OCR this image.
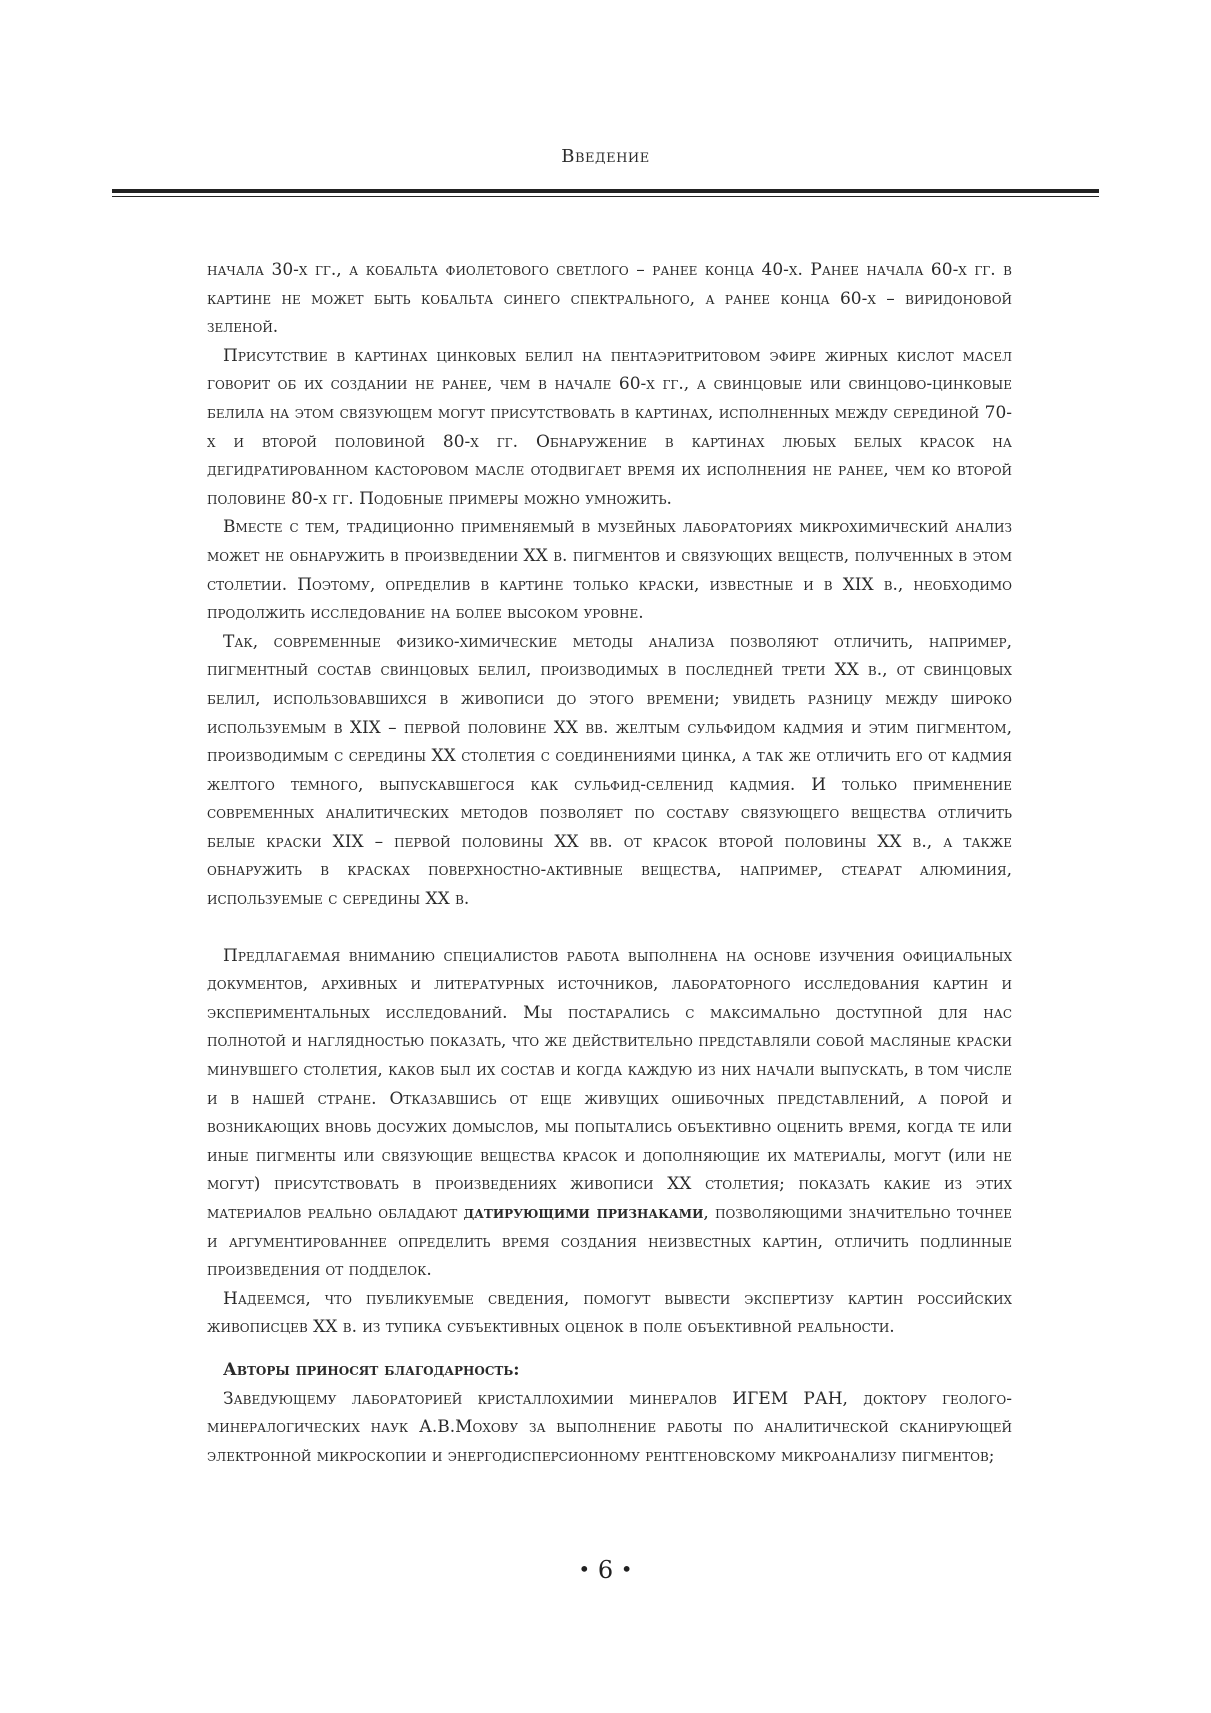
Введение

начала 30-х гг., а кобальта фиолетового светлого – ранее конца 40-х. Ранее начала 60-х гг. в картине не может быть кобальта синего спектрального, а ранее конца 60-х – виридоновой зеленой.

Присутствие в картинах цинковых белил на пентаэритритовом эфире жирных кислот масел говорит об их создании не ранее, чем в начале 60-х гг., а свинцовые или свинцово-цинковые белила на этом связующем могут присутствовать в картинах, исполненных между серединой 70-х и второй половиной 80-х гг. Обнаружение в картинах любых белых красок на дегидратированном касторовом масле отодвигает время их исполнения не ранее, чем ко второй половине 80-х гг. Подобные примеры можно умножить.

Вместе с тем, традиционно применяемый в музейных лабораториях микрохимический анализ может не обнаружить в произведении XX в. пигментов и связующих веществ, полученных в этом столетии. Поэтому, определив в картине только краски, известные и в XIX в., необходимо продолжить исследование на более высоком уровне.

Так, современные физико-химические методы анализа позволяют отличить, например, пигментный состав свинцовых белил, производимых в последней трети XX в., от свинцовых белил, использовавшихся в живописи до этого времени; увидеть разницу между широко используемым в XIX – первой половине XX вв. желтым сульфидом кадмия и этим пигментом, производимым с середины XX столетия с соединениями цинка, а так же отличить его от кадмия желтого темного, выпускавшегося как сульфид-селенид кадмия. И только применение современных аналитических методов позволяет по составу связующего вещества отличить белые краски XIX – первой половины XX вв. от красок второй половины XX в., а также обнаружить в красках поверхностно-активные вещества, например, стеарат алюминия, используемые с середины XX в.

Предлагаемая вниманию специалистов работа выполнена на основе изучения официальных документов, архивных и литературных источников, лабораторного исследования картин и экспериментальных исследований. Мы постарались с максимально доступной для нас полнотой и наглядностью показать, что же действительно представляли собой масляные краски минувшего столетия, каков был их состав и когда каждую из них начали выпускать, в том числе и в нашей стране. Отказавшись от еще живущих ошибочных представлений, а порой и возникающих вновь досужих домыслов, мы попытались объективно оценить время, когда те или иные пигменты или связующие вещества красок и дополняющие их материалы, могут (или не могут) присутствовать в произведениях живописи XX столетия; показать какие из этих материалов реально обладают датирующими признаками, позволяющими значительно точнее и аргументированнее определить время создания неизвестных картин, отличить подлинные произведения от подделок.

Надеемся, что публикуемые сведения, помогут вывести экспертизу картин российских живописцев XX в. из тупика субъективных оценок в поле объективной реальности.

Авторы приносят благодарность:

Заведующему лабораторией кристаллохимии минералов ИГЕМ РАН, доктору геолого-минералогических наук А.В.Мохову за выполнение работы по аналитической сканирующей электронной микроскопии и энергодисперсионному рентгеновскому микроанализу пигментов;

• 6 •
